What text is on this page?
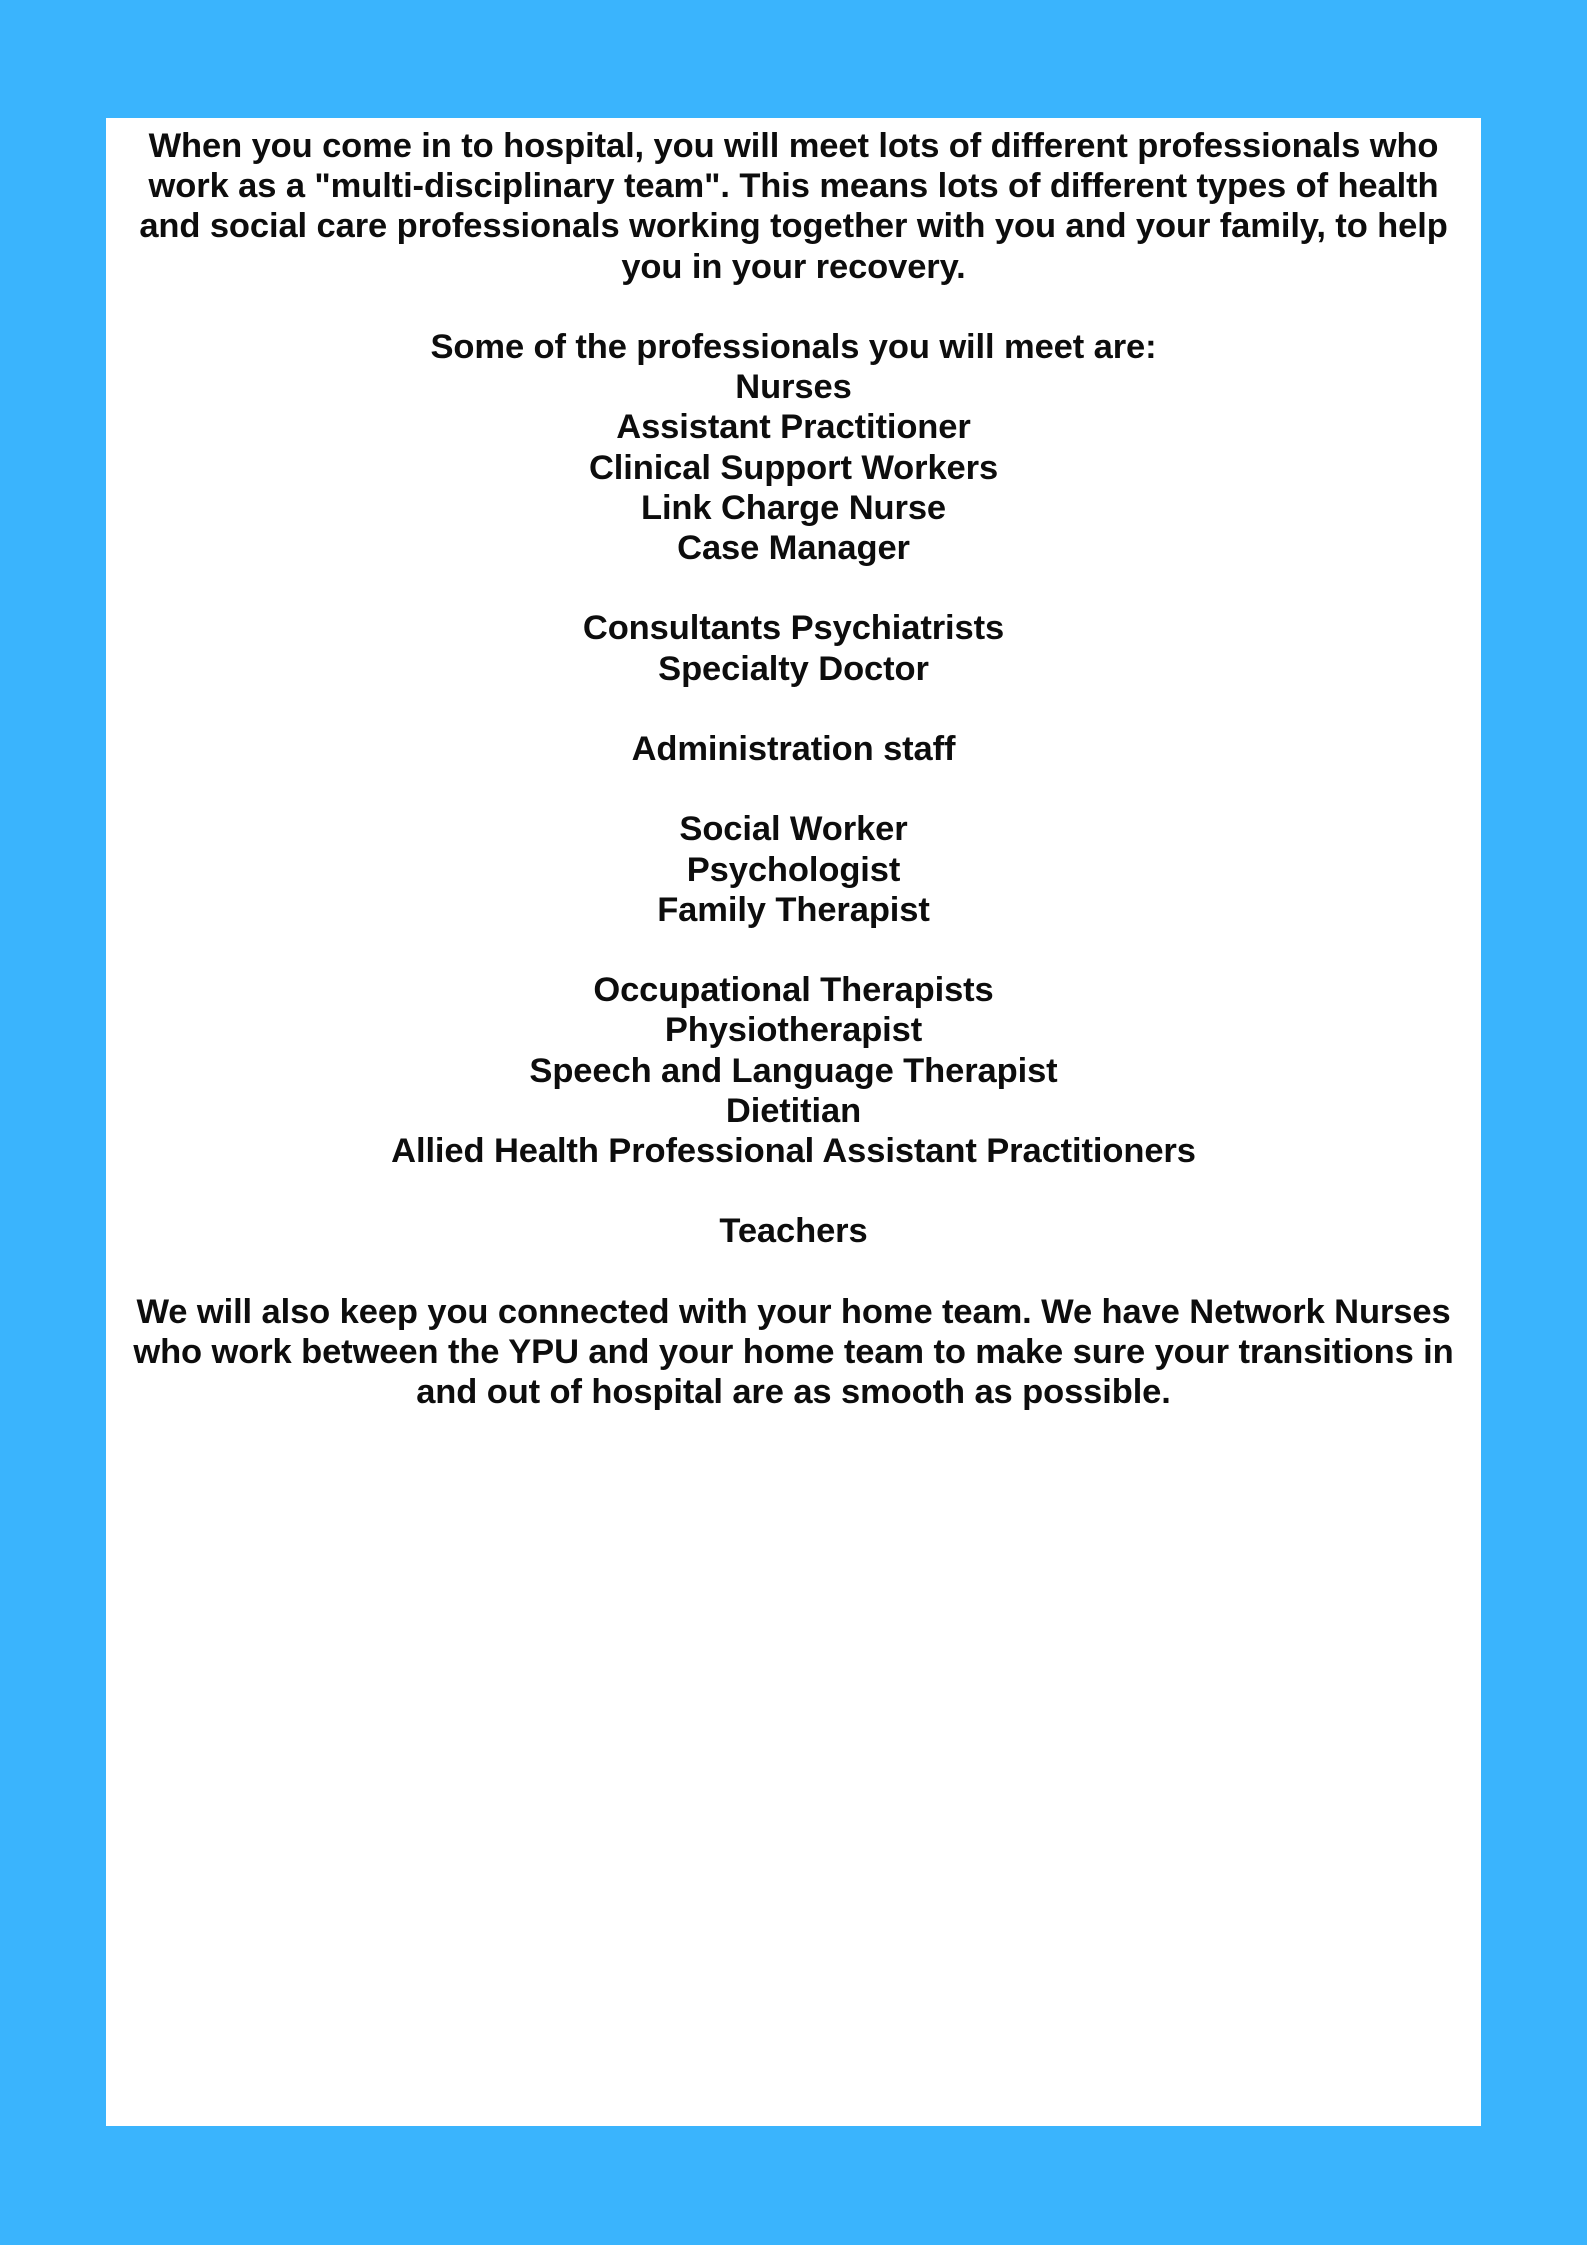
When you come in to hospital, you will meet lots of different professionals who work as a "multi-disciplinary team". This means lots of different types of health and social care professionals working together with you and your family, to help you in your recovery.

Some of the professionals you will meet are:

Nurses

Assistant Practitioner

Clinical Support Workers

Link Charge Nurse

Case Manager

Consultants Psychiatrists

Specialty Doctor

Administration staff

Social Worker

Psychologist

Family Therapist

Occupational Therapists

Physiotherapist

Speech and Language Therapist

Dietitian

Allied Health Professional Assistant Practitioners

Teachers

We will also keep you connected with your home team. We have Network Nurses who work between the YPU and your home team to make sure your transitions in and out of hospital are as smooth as possible.
